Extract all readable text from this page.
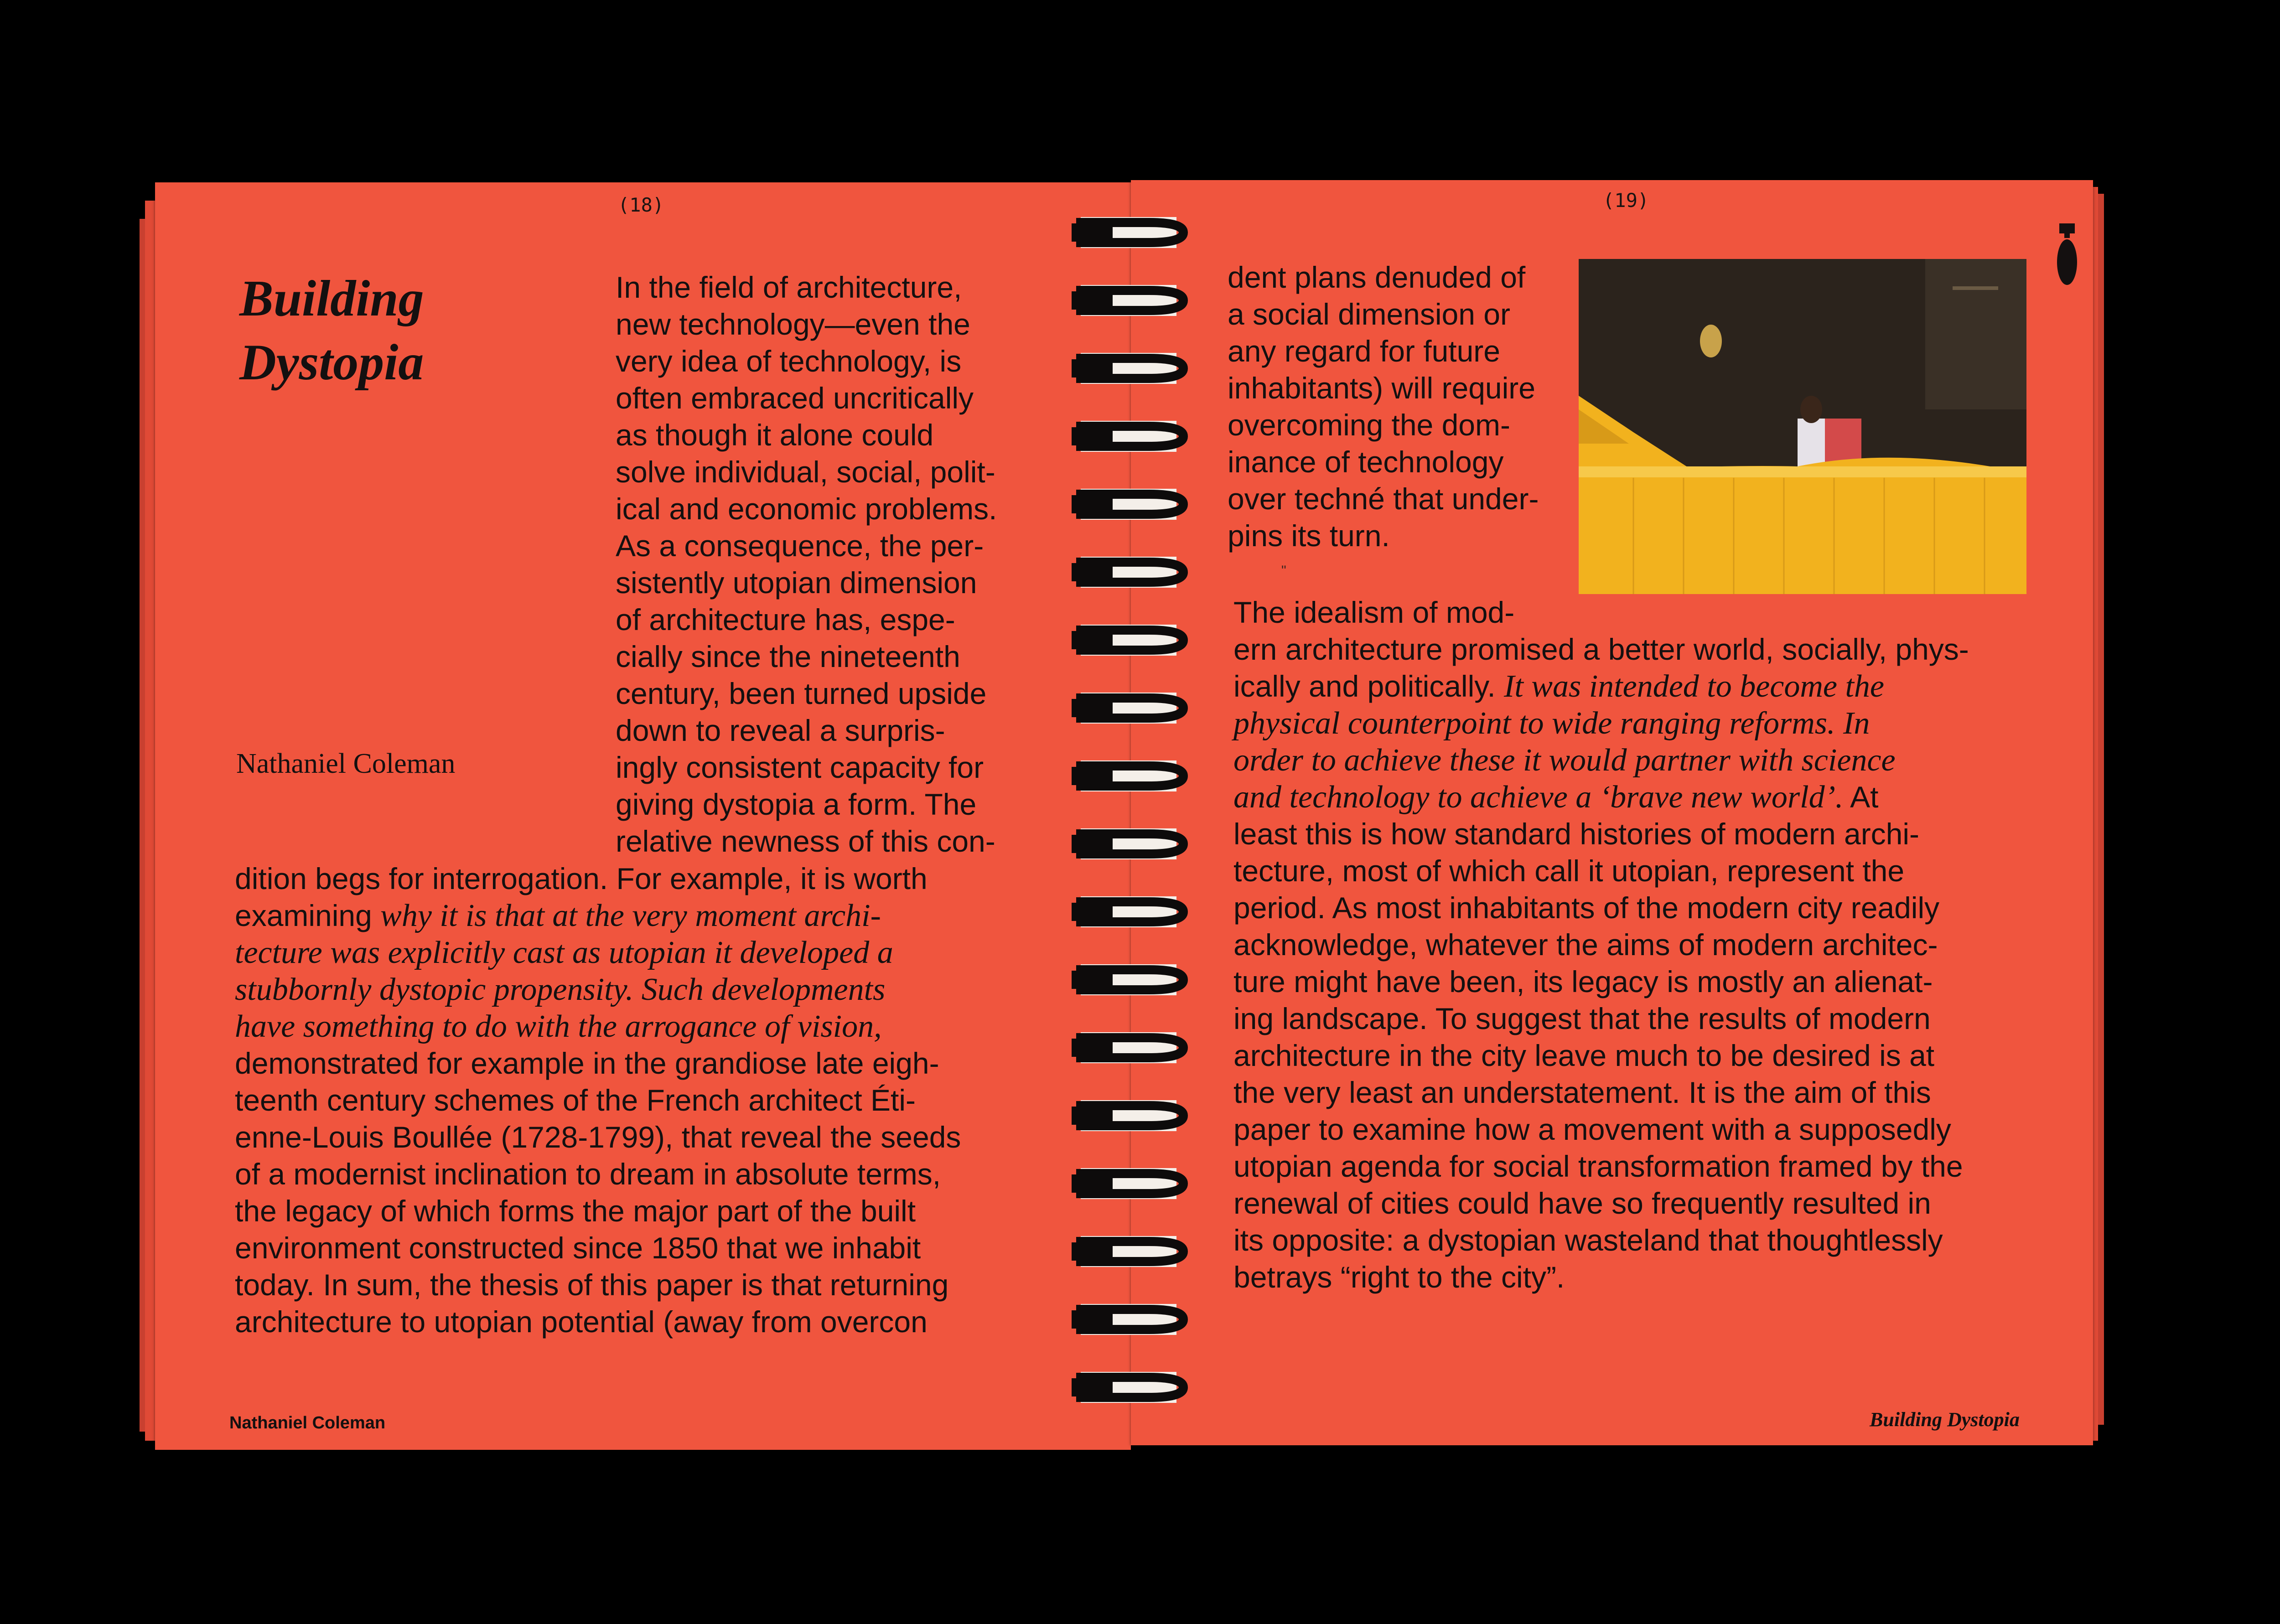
(18)
Building
Dystopia
Nathaniel Coleman
In the field of architecture,
new technology—even the
very idea of technology, is
often embraced uncritically
as though it alone could
solve individual, social, polit-
ical and economic problems.
As a consequence, the per-
sistently utopian dimension
of architecture has, espe-
cially since the nineteenth
century, been turned upside
down to reveal a surpris-
ingly consistent capacity for
giving dystopia a form. The
relative newness of this con-
dition begs for interrogation. For example, it is worth
examining why it is that at the very moment archi-
tecture was explicitly cast as utopian it developed a
stubbornly dystopic propensity. Such developments
have something to do with the arrogance of vision,
demonstrated for example in the grandiose late eigh-
teenth century schemes of the French architect Éti-
enne-Louis Boullée (1728-1799), that reveal the seeds
of a modernist inclination to dream in absolute terms,
the legacy of which forms the major part of the built
environment constructed since 1850 that we inhabit
today. In sum, the thesis of this paper is that returning
architecture to utopian potential (away from overcon
Nathaniel Coleman
(19)
dent plans denuded of
a social dimension or
any regard for future
inhabitants) will require
overcoming the dom-
inance of technology
over techné that under-
pins its turn.
"
The idealism of mod-
ern architecture promised a better world, socially, phys-
ically and politically. It was intended to become the
physical counterpoint to wide ranging reforms. In
order to achieve these it would partner with science
and technology to achieve a ‘brave new world’. At
least this is how standard histories of modern archi-
tecture, most of which call it utopian, represent the
period. As most inhabitants of the modern city readily
acknowledge, whatever the aims of modern architec-
ture might have been, its legacy is mostly an alienat-
ing landscape. To suggest that the results of modern
architecture in the city leave much to be desired is at
the very least an understatement. It is the aim of this
paper to examine how a movement with a supposedly
utopian agenda for social transformation framed by the
renewal of cities could have so frequently resulted in
its opposite: a dystopian wasteland that thoughtlessly
betrays “right to the city”.
Building Dystopia
